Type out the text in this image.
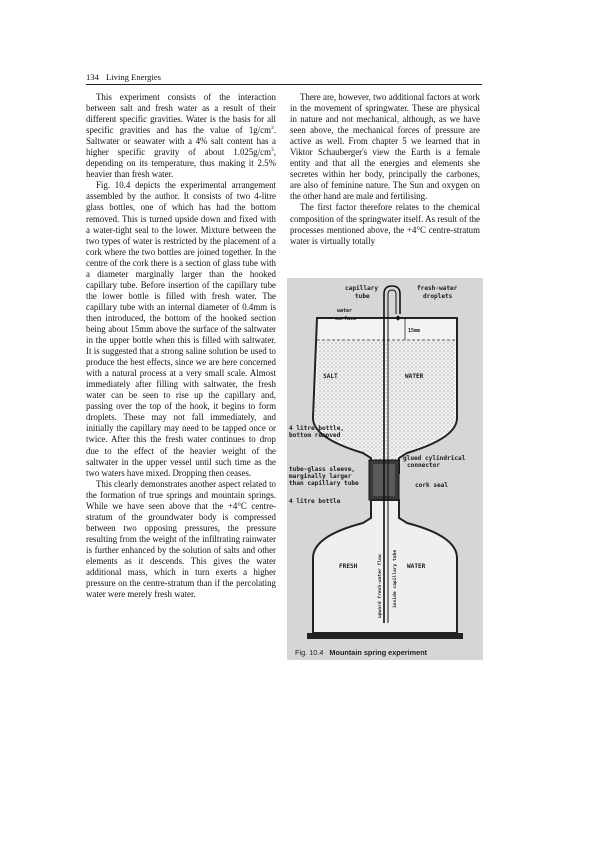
134 Living Energies

This experiment consists of the interaction between salt and fresh water as a result of their different specific gravities. Water is the basis for all specific gravities and has the value of $1g/cm^3$. Saltwater or seawater with a 4% salt content has a higher specific gravity of about $1.025g/cm^3$, depending on its temperature, thus making it 2.5% heavier than fresh water.

Fig. 10.4 depicts the experimental arrangement assembled by the author. It consists of two 4-litre glass bottles, one of which has had the bottom removed. This is turned upside down and fixed with a water-tight seal to the lower. Mixture between the two types of water is restricted by the placement of a cork where the two bottles are joined together. In the centre of the cork there is a section of glass tube with a diameter marginally larger than the hooked capillary tube. Before insertion of the capillary tube the lower bottle is filled with fresh water. The capillary tube with an internal diameter of 0.4mm is then introduced, the bottom of the hooked section being about 15mm above the surface of the saltwater in the upper bottle when this is filled with saltwater. It is suggested that a strong saline solution be used to produce the best effects, since we are here concerned with a natural process at a very small scale. Almost immediately after filling with saltwater, the fresh water can be seen to rise up the capillary and, passing over the top of the hook, it begins to form droplets. These may not fall immediately, and initially the capillary may need to be tapped once or twice. After this the fresh water continues to drop due to the effect of the heavier weight of the saltwater in the upper vessel until such time as the two waters have mixed. Dropping then ceases.

This clearly demonstrates another aspect related to the formation of true springs and mountain springs. While we have seen above that the +4°C centre-stratum of the groundwater body is compressed between two opposing pressures, the pressure resulting from the weight of the infiltrating rainwater is further enhanced by the solution of salts and other elements as it descends. This gives the water additional mass, which in turn exerts a higher pressure on the centre-stratum than if the percolating water were merely fresh water.

There are, however, two additional factors at work in the movement of springwater. These are physical in nature and not mechanical, although, as we have seen above, the mechanical forces of pressure are active as well. From chapter 5 we learned that in Viktor Schauberger's view the Earth is a female entity and that all the energies and elements she secretes within her body, principally the carbones, are also of feminine nature. The Sun and oxygen on the other hand are male and fertilising.

The first factor therefore relates to the chemical composition of the springwater itself. As result of the processes mentioned above, the +4°C centre-stratum water is virtually totally

capillary
tube
fresh-water
droplets
water
surface
15mm
SALT	WATER
4 litre bottle,
bottom removed
glued cylindrical
connector
tube-glass sleeve,
marginally larger
than capillary tube	cork seal
4 litre bottle
FRESH	WATER
upward fresh-water flow inside capillary tube
Fig. 10.4 Mountain spring experiment
